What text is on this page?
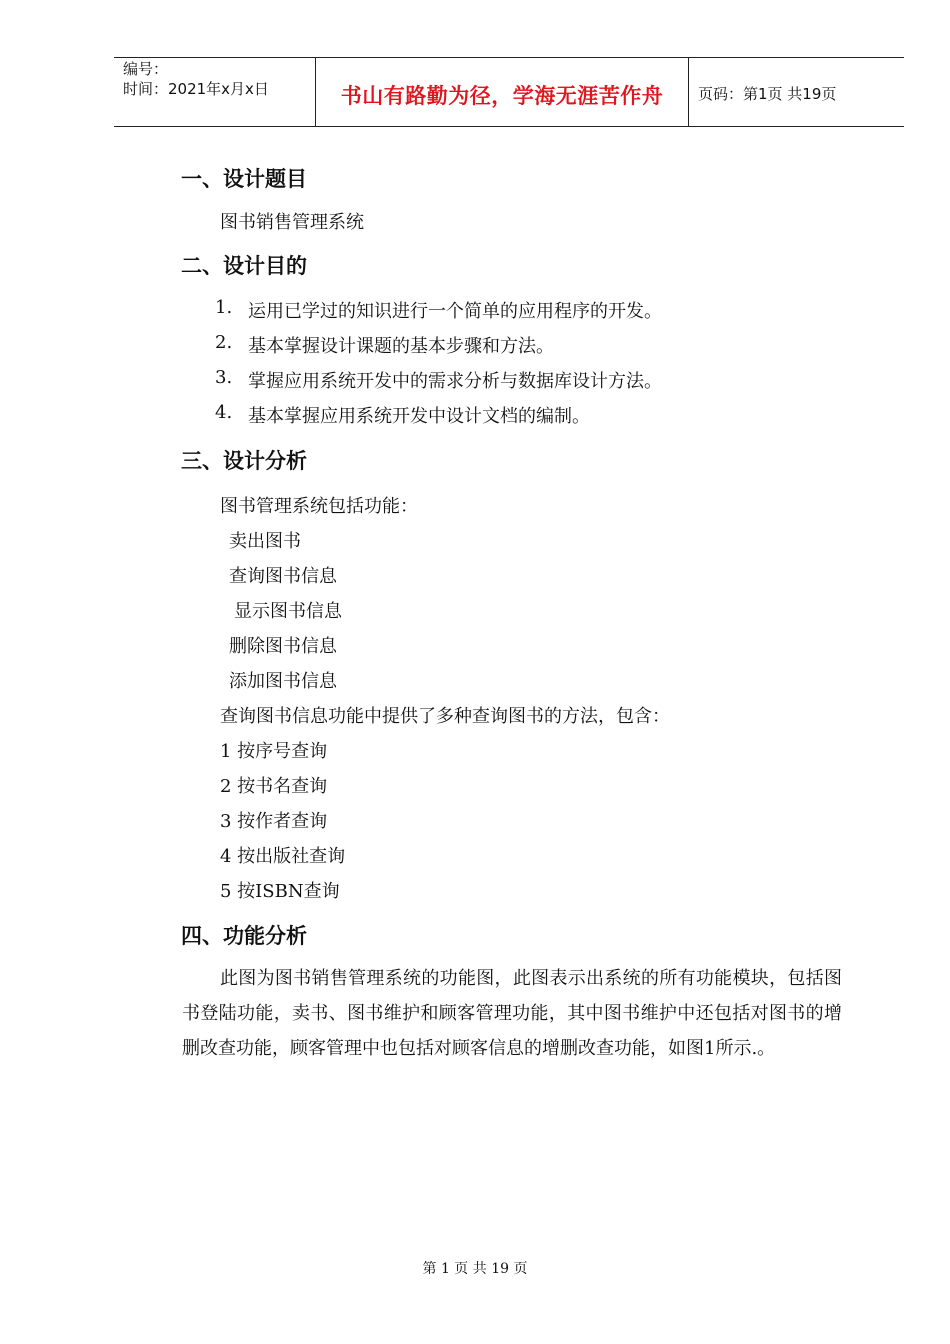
编号：
时间：2021年x月x日	书山有路勤为径，学海无涯苦作舟	页码：第1页 共19页
一、设计题目
图书销售管理系统
二、设计目的
1. 运用已学过的知识进行一个简单的应用程序的开发。
2. 基本掌握设计课题的基本步骤和方法。
3. 掌握应用系统开发中的需求分析与数据库设计方法。
4. 基本掌握应用系统开发中设计文档的编制。
三、设计分析
图书管理系统包括功能：
卖出图书
查询图书信息
显示图书信息
删除图书信息
添加图书信息
查询图书信息功能中提供了多种查询图书的方法，包含：
1 按序号查询
2 按书名查询
3 按作者查询
4 按出版社查询
5 按ISBN查询
四、功能分析
此图为图书销售管理系统的功能图，此图表示出系统的所有功能模块，包括图书登陆功能，卖书、图书维护和顾客管理功能，其中图书维护中还包括对图书的增删改查功能，顾客管理中也包括对顾客信息的增删改查功能，如图1所示.。
第 1 页 共 19 页
